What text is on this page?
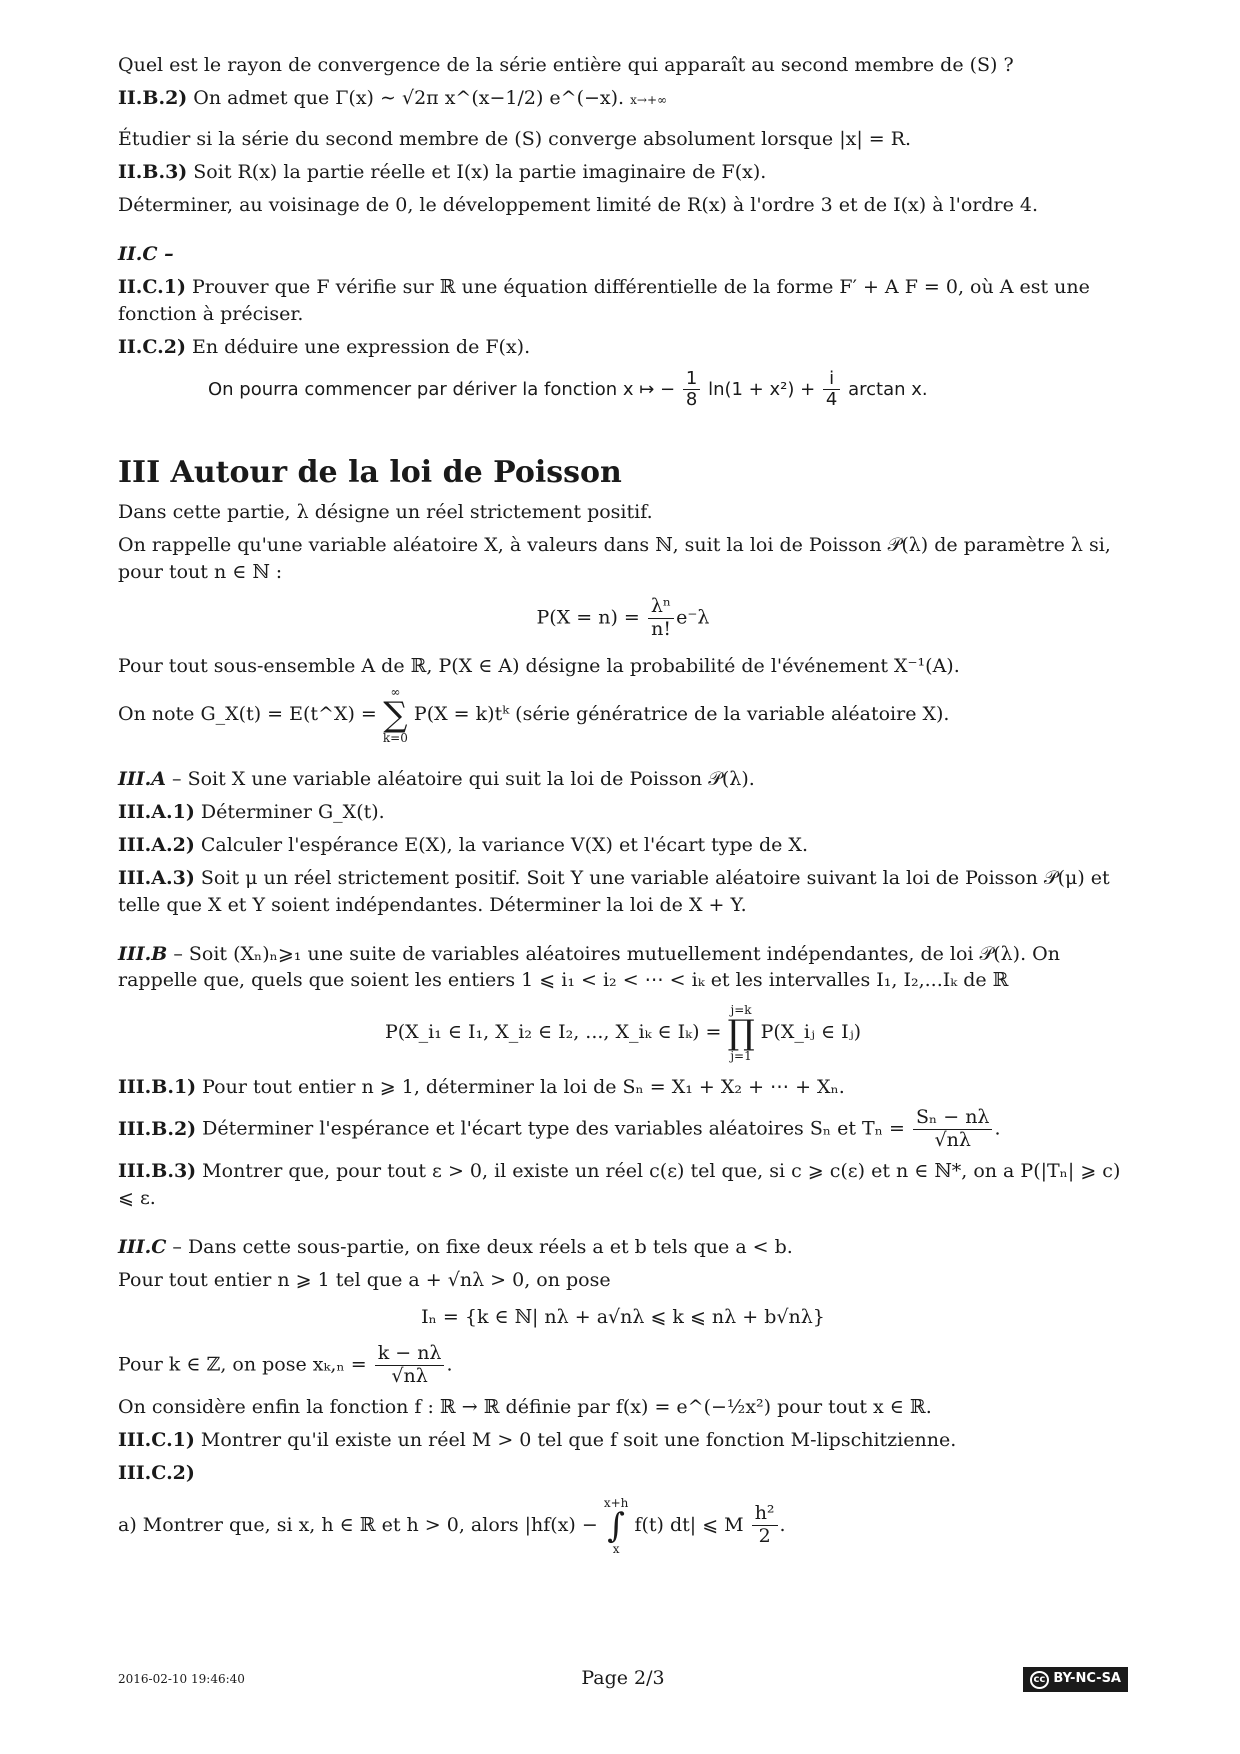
Quel est le rayon de convergence de la série entière qui apparaît au second membre de (S) ?

II.B.2) On admet que Γ(x) ∼ √2π x^(x−1/2) e^(−x). x→+∞

Étudier si la série du second membre de (S) converge absolument lorsque |x| = R.

II.B.3) Soit R(x) la partie réelle et I(x) la partie imaginaire de F(x).

Déterminer, au voisinage de 0, le développement limité de R(x) à l'ordre 3 et de I(x) à l'ordre 4.

II.C –

II.C.1) Prouver que F vérifie sur ℝ une équation différentielle de la forme F′ + A F = 0, où A est une fonction à préciser.

II.C.2) En déduire une expression de F(x).

On pourra commencer par dériver la fonction x ↦ − $\frac{1}{8} \ln(1 + x^2) + \frac{i}{4}$ arctan x.

III Autour de la loi de Poisson

Dans cette partie, λ désigne un réel strictement positif.

On rappelle qu'une variable aléatoire X, à valeurs dans ℕ, suit la loi de Poisson 𝒫(λ) de paramètre λ si, pour tout n ∈ ℕ :

$P(X = n) = \frac{\text{λⁿ}}{n!} e^-\lambda$

Pour tout sous-ensemble A de ℝ, P(X ∈ A) désigne la probabilité de l'événement X⁻¹(A).

On note G_X(t) = E(t^X) =
∞
∑
k=0
P(X = k)tᵏ (série génératrice de la variable aléatoire X).

III.A – Soit X une variable aléatoire qui suit la loi de Poisson 𝒫(λ).

III.A.1) Déterminer G_X(t).

III.A.2) Calculer l'espérance E(X), la variance V(X) et l'écart type de X.

III.A.3) Soit μ un réel strictement positif. Soit Y une variable aléatoire suivant la loi de Poisson 𝒫(μ) et telle que X et Y soient indépendantes. Déterminer la loi de X + Y.

III.B – Soit (Xₙ)ₙ⩾₁ une suite de variables aléatoires mutuellement indépendantes, de loi 𝒫(λ). On rappelle que, quels que soient les entiers 1 ⩽ i₁ < i₂ < ⋯ < iₖ et les intervalles I₁, I₂,...Iₖ de ℝ

P(X_i₁ ∈ I₁, X_i₂ ∈ I₂, ..., X_iₖ ∈ Iₖ) =
j=k
∏
j=1
P(X_iⱼ ∈ Iⱼ)

III.B.1) Pour tout entier n ⩾ 1, déterminer la loi de Sₙ = X₁ + X₂ + ⋯ + Xₙ.

III.B.2) Déterminer l'espérance et l'écart type des variables aléatoires Sₙ et $T_n = \frac{\text{Sₙ − nλ}}{√n\lambda}$ .

III.B.3) Montrer que, pour tout ε > 0, il existe un réel c(ε) tel que, si c ⩾ c(ε) et n ∈ ℕ*, on a P(|Tₙ| ⩾ c) ⩽ ε.

III.C – Dans cette sous-partie, on fixe deux réels a et b tels que a < b.

Pour tout entier n ⩾ 1 tel que a + √nλ > 0, on pose

Iₙ = {k ∈ ℕ| nλ + a√nλ ⩽ k ⩽ nλ + b√nλ}

Pour k ∈ ℤ, on pose $x_k,_n = \frac{k - n\lambda}{√n\lambda}$ .

On considère enfin la fonction f : ℝ → ℝ définie par f(x) = e^(−½x²) pour tout x ∈ ℝ.

III.C.1) Montrer qu'il existe un réel M > 0 tel que f soit une fonction M-lipschitzienne.

III.C.2)

a) Montrer que, si x, h ∈ ℝ et h > 0, alors |hf(x) −
x+h
∫
x
f(t) dt| ⩽ M $\frac{\text{h²}}{2}$ .

2016-02-10 19:46:40	Page 2/3	cc BY-NC-SA
